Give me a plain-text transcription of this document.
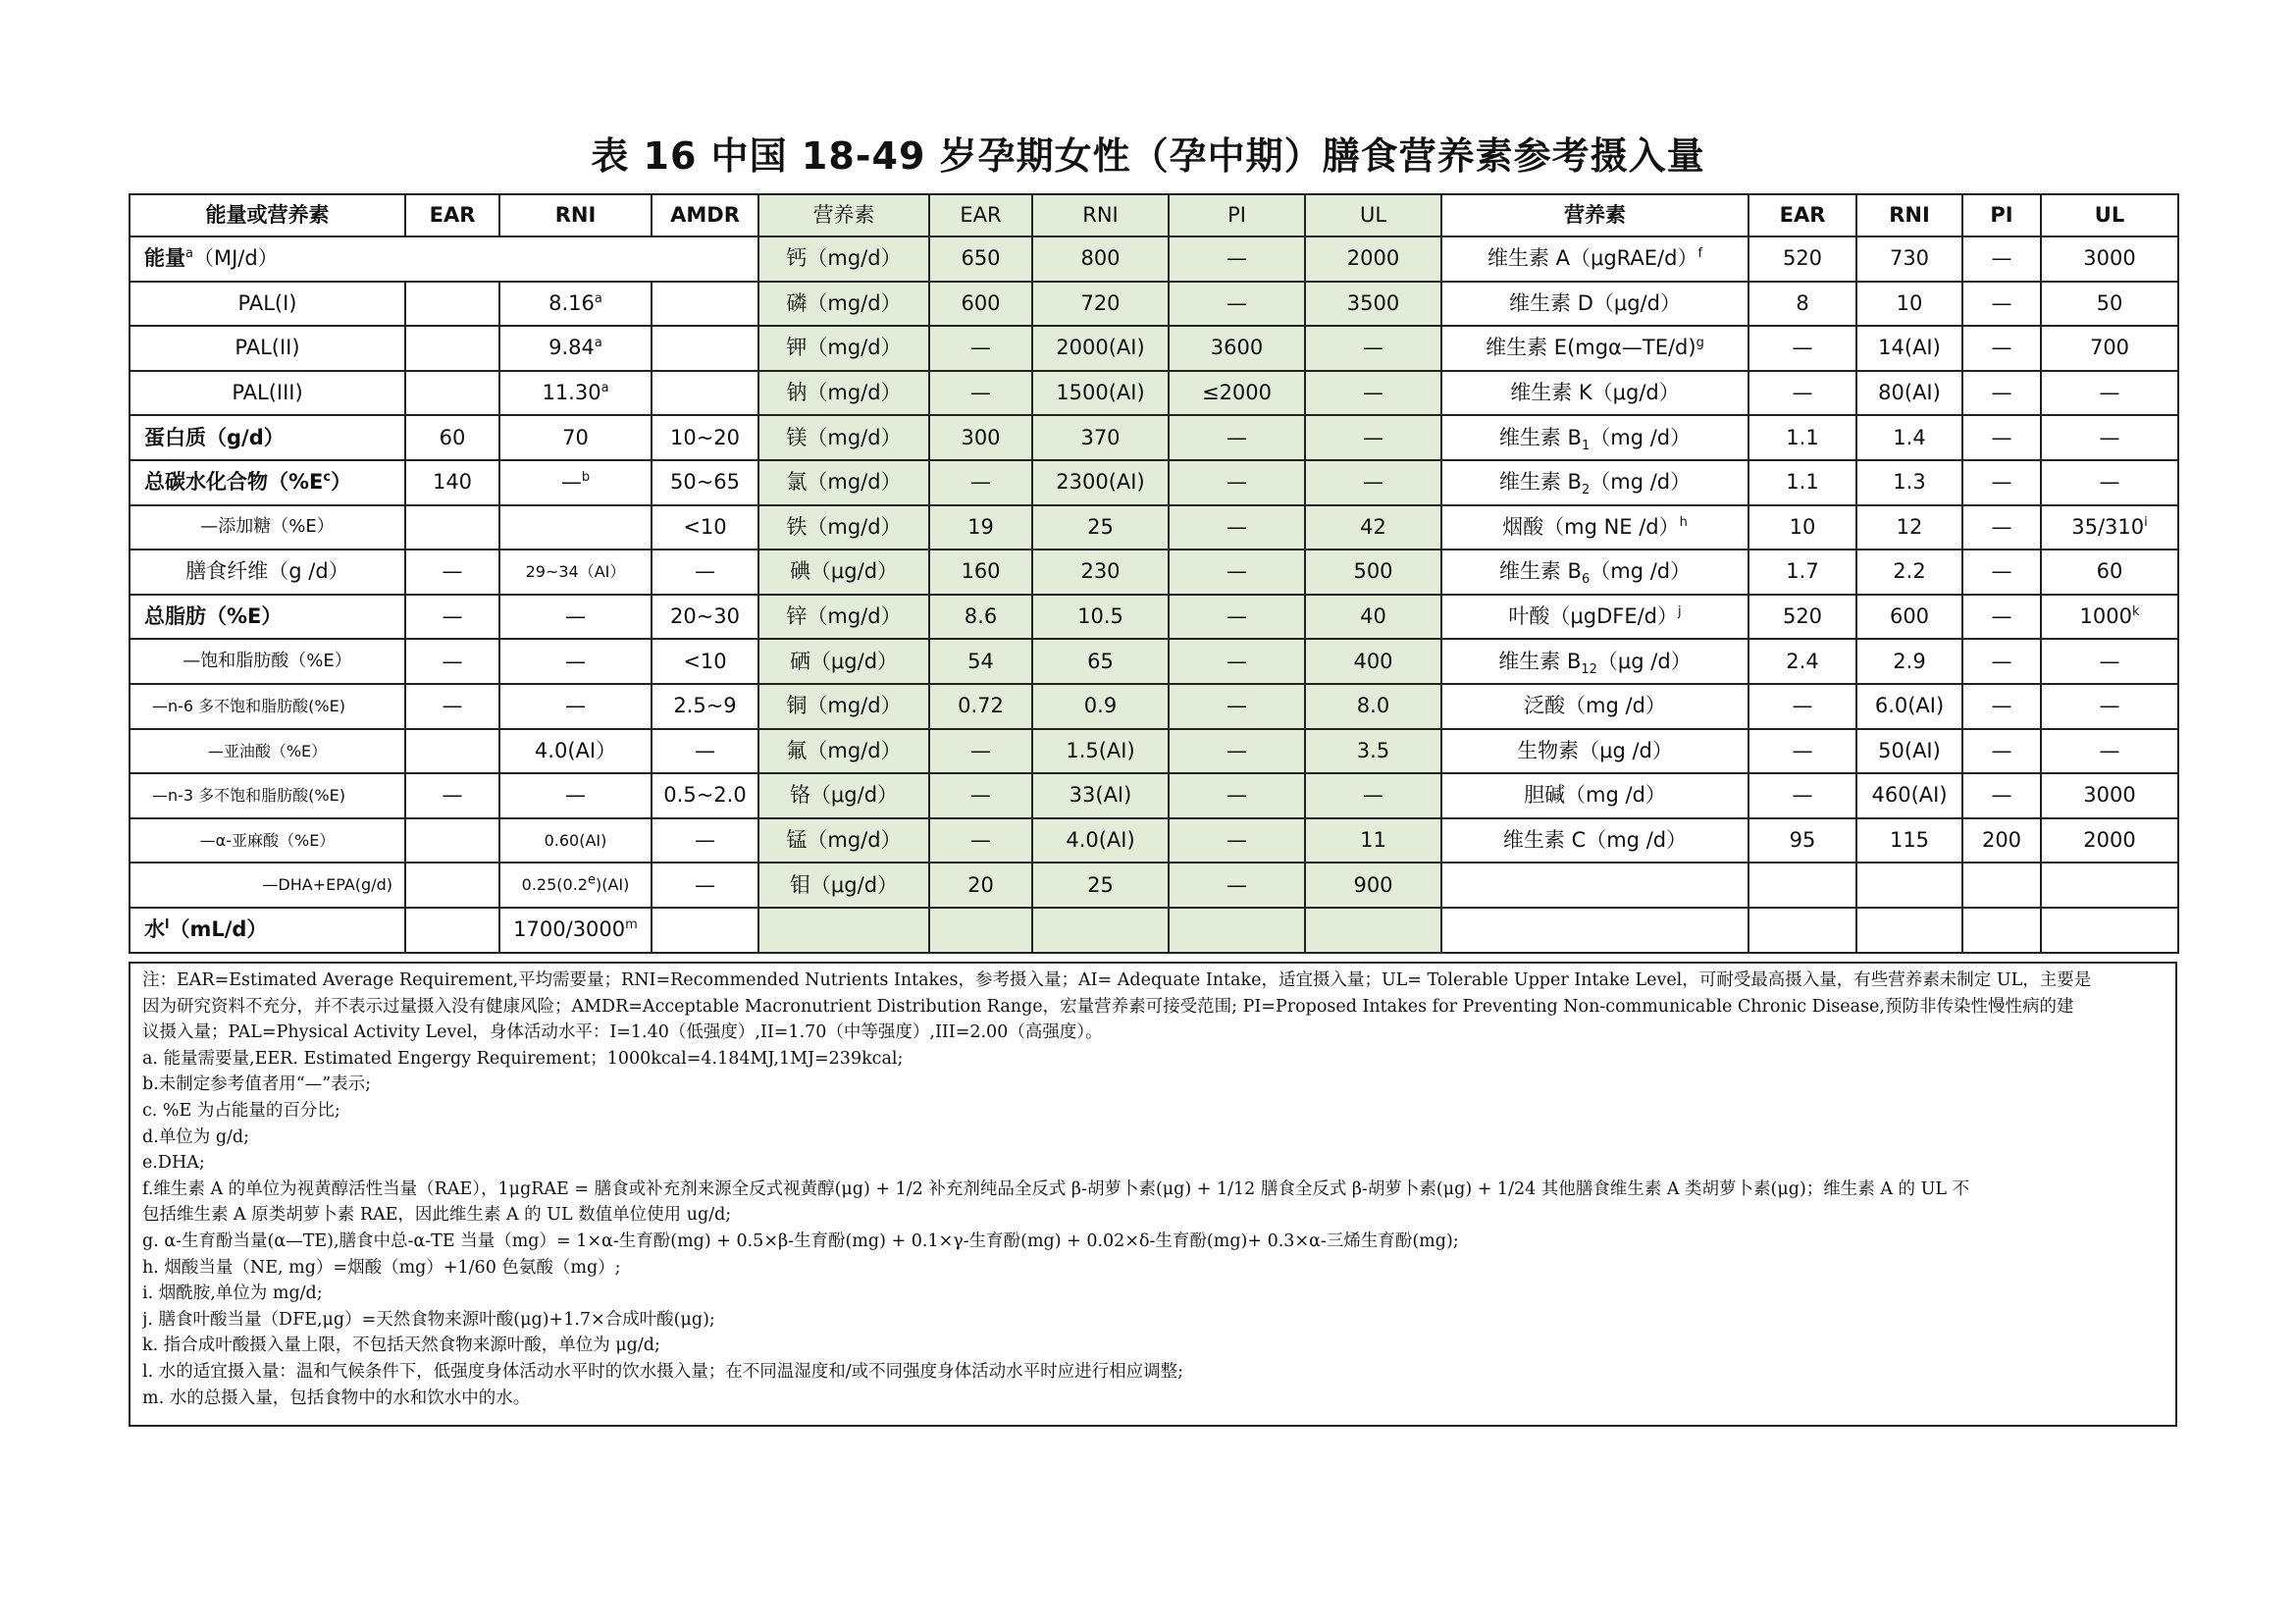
表 16 中国 18-49 岁孕期女性（孕中期）膳食营养素参考摄入量
能量或营养素	EAR	RNI	AMDR	营养素	EAR	RNI	PI	UL	营养素	EAR	RNI	PI	UL
能量$^a$（MJ/d）				钙（mg/d）	650	800	—	2000	维生素 A（μgRAE/d）$^f$	520	730	—	3000
PAL(I)		8.16$^a$		磷（mg/d）	600	720	—	3500	维生素 D（μg/d）	8	10	—	50
PAL(II)		9.84$^a$		钾（mg/d）	—	2000(AI)	3600	—	维生素 E(mgα—TE/d)$^g$	—	14(AI)	—	700
PAL(III)		11.30$^a$		钠（mg/d）	—	1500(AI)	≤2000	—	维生素 K（μg/d）	—	80(AI)	—	—
蛋白质（g/d）	60	70	10~20	镁（mg/d）	300	370	—	—	维生素 $B_1(mg$ /d）	1.1	1.4	—	—
总碳水化合物$(\%E^c)$	140	—$^b$	50~65	氯（mg/d）	—	2300(AI)	—	—	维生素 $B_2(mg$ /d）	1.1	1.3	—	—
—添加糖（%E）			<10	铁（mg/d）	19	25	—	42	烟酸（mg NE /d）$^h$	10	12	—	35/310$^i$
膳食纤维（g /d）	—	29~34（AI）	—	碘（μg/d）	160	230	—	500	维生素 $B_6(mg$ /d）	1.7	2.2	—	60
总脂肪（%E）	—	—	20~30	锌（mg/d）	8.6	10.5	—	40	叶酸（μgDFE/d）$^j$	520	600	—	1000$^k$
—饱和脂肪酸（%E）	—	—	<10	硒（μg/d）	54	65	—	400	维生素 $B_{12}(\mu g$ /d）	2.4	2.9	—	—
—n-6 多不饱和脂肪酸(%E)	—	—	2.5~9	铜（mg/d）	0.72	0.9	—	8.0	泛酸（mg /d）	—	6.0(AI)	—	—
—亚油酸（%E）		4.0(AI）	—	氟（mg/d）	—	1.5(AI)	—	3.5	生物素（μg /d）	—	50(AI)	—	—
—n-3 多不饱和脂肪酸(%E)	—	—	0.5~2.0	铬（μg/d）	—	33(AI)	—	—	胆碱（mg /d）	—	460(AI)	—	3000
—α-亚麻酸（%E）		0.60(AI)	—	锰（mg/d）	—	4.0(AI)	—	11	维生素 C（mg /d）	95	115	200	2000
—DHA+EPA(g/d)		0.25(0.2e)(AI)	—	钼（μg/d）	20	25	—	900					
水$^l$（mL/d）		1700/3000$^m$											
注：EAR=Estimated Average Requirement,平均需要量；RNI=Recommended Nutrients Intakes，参考摄入量；AI= Adequate Intake，适宜摄入量；UL= Tolerable Upper Intake Level，可耐受最高摄入量，有些营养素未制定 UL，主要是
因为研究资料不充分，并不表示过量摄入没有健康风险；AMDR=Acceptable Macronutrient Distribution Range，宏量营养素可接受范围; PI=Proposed Intakes for Preventing Non-communicable Chronic Disease,预防非传染性慢性病的建
议摄入量；PAL=Physical Activity Level，身体活动水平：I=1.40（低强度）,II=1.70（中等强度）,III=2.00（高强度）。
a. 能量需要量,EER. Estimated Engergy Requirement；1000kcal=4.184MJ,1MJ=239kcal;
b.未制定参考值者用“—”表示;
c. %E 为占能量的百分比;
d.单位为 g/d;
e.DHA;
f.维生素 A 的单位为视黄醇活性当量（RAE），1μgRAE = 膳食或补充剂来源全反式视黄醇(μg) + 1/2 补充剂纯品全反式 β-胡萝卜素(μg) + 1/12 膳食全反式 β-胡萝卜素(μg) + 1/24 其他膳食维生素 A 类胡萝卜素(μg)；维生素 A 的 UL 不
包括维生素 A 原类胡萝卜素 RAE，因此维生素 A 的 UL 数值单位使用 ug/d;
g. α-生育酚当量(α—TE),膳食中总-α-TE 当量（mg）= 1×α-生育酚(mg) + 0.5×β-生育酚(mg) + 0.1×γ-生育酚(mg) + 0.02×δ-生育酚(mg)+ 0.3×α-三烯生育酚(mg);
h. 烟酸当量（NE, mg）=烟酸（mg）+1/60 色氨酸（mg）;
i. 烟酰胺,单位为 mg/d;
j. 膳食叶酸当量（DFE,μg）=天然食物来源叶酸(μg)+1.7×合成叶酸(μg);
k. 指合成叶酸摄入量上限，不包括天然食物来源叶酸，单位为 μg/d;
l. 水的适宜摄入量：温和气候条件下，低强度身体活动水平时的饮水摄入量；在不同温湿度和/或不同强度身体活动水平时应进行相应调整;
m. 水的总摄入量，包括食物中的水和饮水中的水。
